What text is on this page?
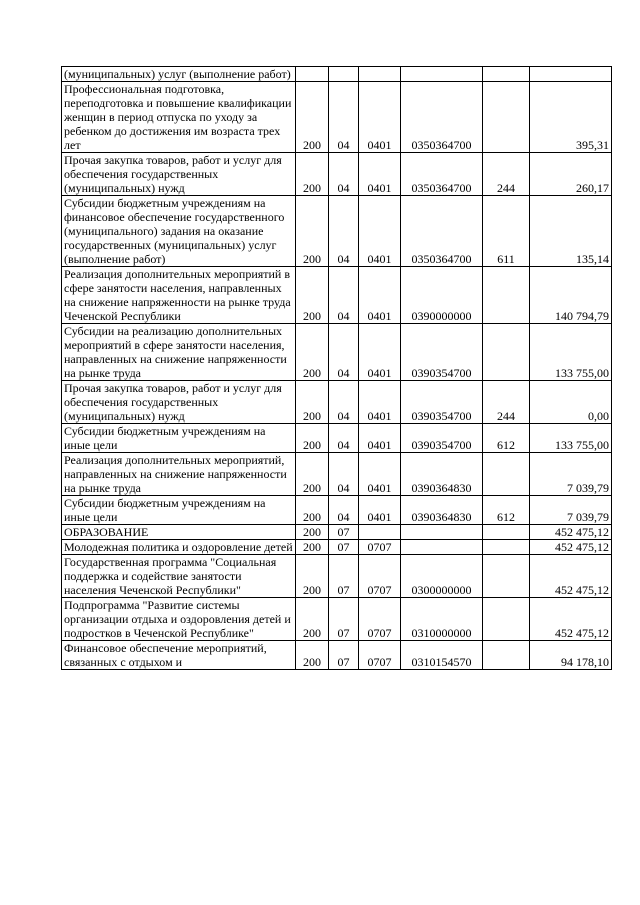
(муниципальных) услуг (выполнение работ)						
Профессиональная подготовка, переподготовка и повышение квалификации женщин в период отпуска по уходу за ребенком до достижения им возраста трех лет	200	04	0401	0350364700		395,31
Прочая закупка товаров, работ и услуг для обеспечения государственных (муниципальных) нужд	200	04	0401	0350364700	244	260,17
Субсидии бюджетным учреждениям на финансовое обеспечение государственного (муниципального) задания на оказание государственных (муниципальных) услуг (выполнение работ)	200	04	0401	0350364700	611	135,14
Реализация дополнительных мероприятий в сфере занятости населения, направленных на снижение напряженности на рынке труда Чеченской Республики	200	04	0401	0390000000		140 794,79
Субсидии на реализацию дополнительных мероприятий в сфере занятости населения, направленных на снижение напряженности на рынке труда	200	04	0401	0390354700		133 755,00
Прочая закупка товаров, работ и услуг для обеспечения государственных (муниципальных) нужд	200	04	0401	0390354700	244	0,00
Субсидии бюджетным учреждениям на иные цели	200	04	0401	0390354700	612	133 755,00
Реализация дополнительных мероприятий, направленных на снижение напряженности на рынке труда	200	04	0401	0390364830		7 039,79
Субсидии бюджетным учреждениям на иные цели	200	04	0401	0390364830	612	7 039,79
ОБРАЗОВАНИЕ	200	07				452 475,12
Молодежная политика и оздоровление детей	200	07	0707			452 475,12
Государственная программа "Социальная поддержка и содействие занятости населения Чеченской Республики"	200	07	0707	0300000000		452 475,12
Подпрограмма "Развитие системы организации отдыха и оздоровления детей и подростков в Чеченской Республике"	200	07	0707	0310000000		452 475,12
Финансовое обеспечение мероприятий, связанных с отдыхом и	200	07	0707	0310154570		94 178,10
